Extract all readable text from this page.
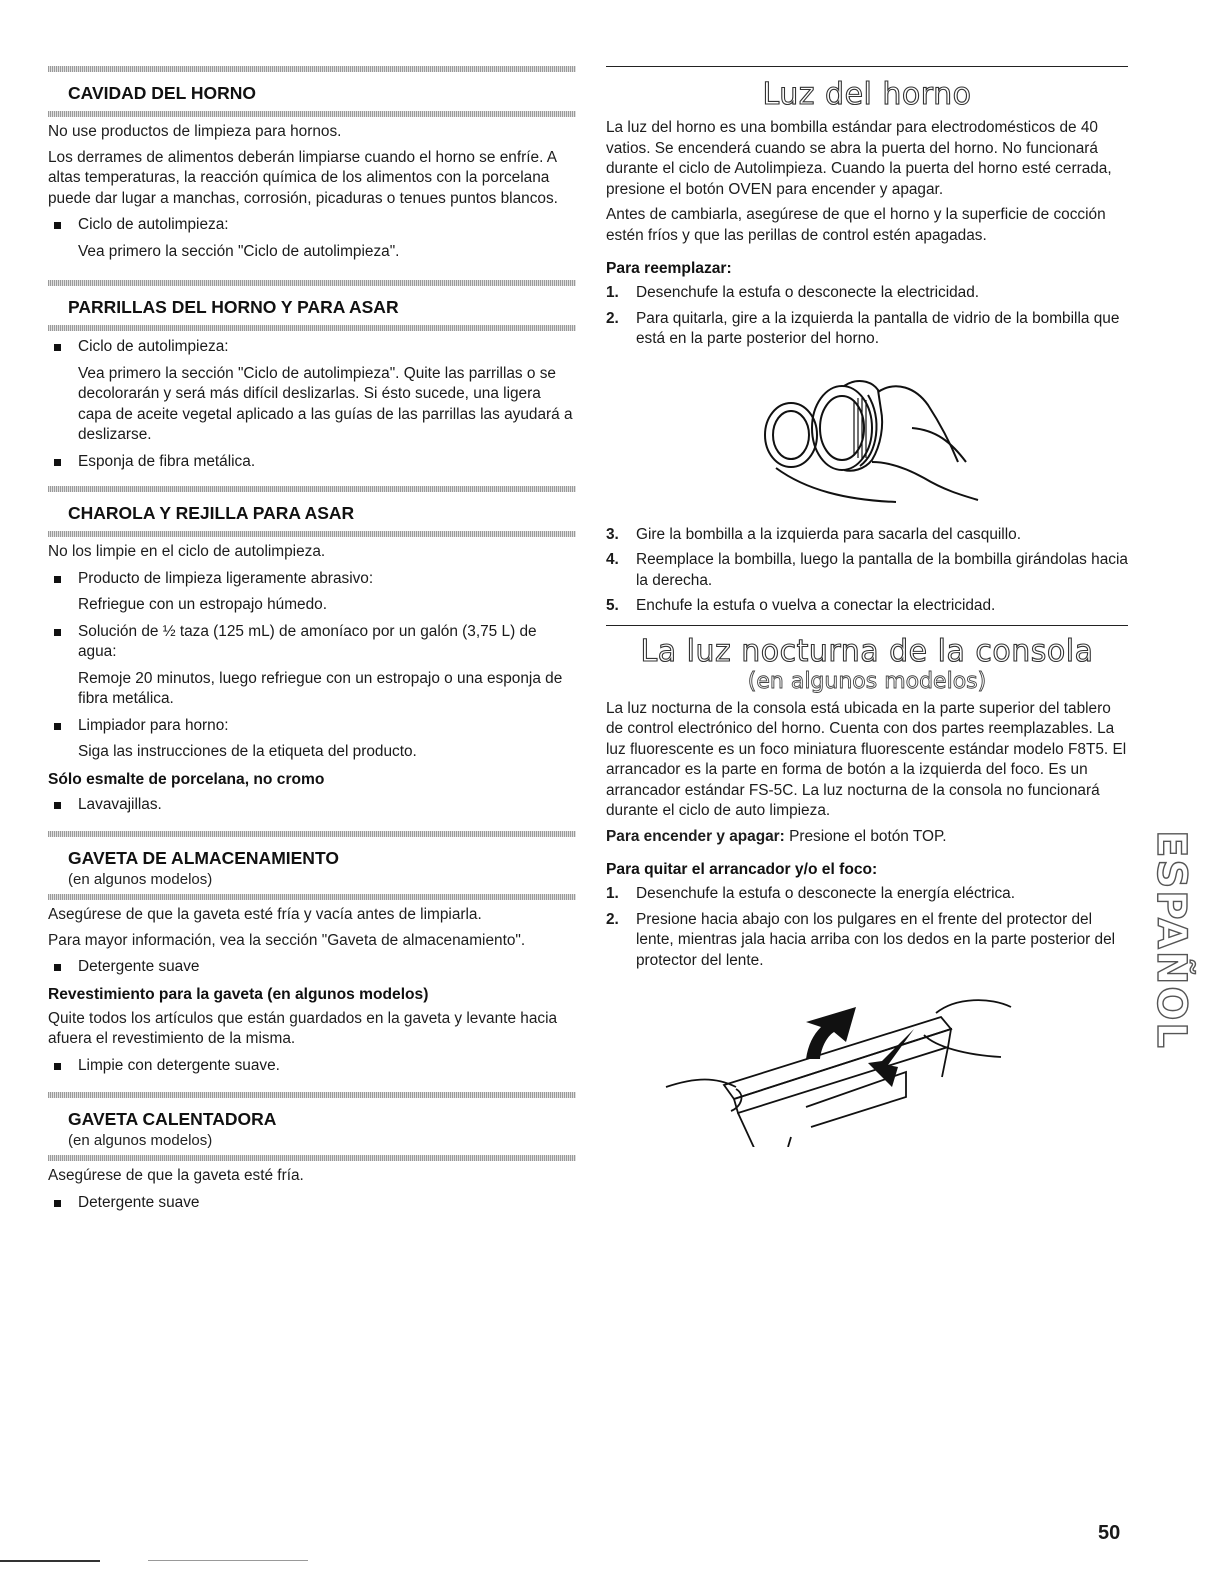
CAVIDAD DEL HORNO
No use productos de limpieza para hornos.
Los derrames de alimentos deberán limpiarse cuando el horno se enfríe. A altas temperaturas, la reacción química de los alimentos con la porcelana puede dar lugar a manchas, corrosión, picaduras o tenues puntos blancos.
Ciclo de autolimpieza:
Vea primero la sección "Ciclo de autolimpieza".
PARRILLAS DEL HORNO Y PARA ASAR
Ciclo de autolimpieza:
Vea primero la sección "Ciclo de autolimpieza". Quite las parrillas o se decolorarán y será más difícil deslizarlas. Si ésto sucede, una ligera capa de aceite vegetal aplicado a las guías de las parrillas las ayudará a deslizarse.
Esponja de fibra metálica.
CHAROLA Y REJILLA PARA ASAR
No los limpie en el ciclo de autolimpieza.
Producto de limpieza ligeramente abrasivo:
Refriegue con un estropajo húmedo.
Solución de ½ taza (125 mL) de amoníaco por un galón (3,75 L) de agua:
Remoje 20 minutos, luego refriegue con un estropajo o una esponja de fibra metálica.
Limpiador para horno:
Siga las instrucciones de la etiqueta del producto.
Sólo esmalte de porcelana, no cromo
Lavavajillas.
GAVETA DE ALMACENAMIENTO
(en algunos modelos)
Asegúrese de que la gaveta esté fría y vacía antes de limpiarla.
Para mayor información, vea la sección "Gaveta de almacenamiento".
Detergente suave
Revestimiento para la gaveta (en algunos modelos)
Quite todos los artículos que están guardados en la gaveta y levante hacia afuera el revestimiento de la misma.
Limpie con detergente suave.
GAVETA CALENTADORA
(en algunos modelos)
Asegúrese de que la gaveta esté fría.
Detergente suave
Luz del horno
La luz del horno es una bombilla estándar para electrodomésticos de 40 vatios. Se encenderá cuando se abra la puerta del horno. No funcionará durante el ciclo de Autolimpieza. Cuando la puerta del horno esté cerrada, presione el botón OVEN para encender y apagar.
Antes de cambiarla, asegúrese de que el horno y la superficie de cocción estén fríos y que las perillas de control estén apagadas.
Para reemplazar:
1. Desenchufe la estufa o desconecte la electricidad.
2. Para quitarla, gire a la izquierda la pantalla de vidrio de la bombilla que está en la parte posterior del horno.
3. Gire la bombilla a la izquierda para sacarla del casquillo.
4. Reemplace la bombilla, luego la pantalla de la bombilla girándolas hacia la derecha.
5. Enchufe la estufa o vuelva a conectar la electricidad.
La luz nocturna de la consola
(en algunos modelos)
La luz nocturna de la consola está ubicada en la parte superior del tablero de control electrónico del horno. Cuenta con dos partes reemplazables. La luz fluorescente es un foco miniatura fluorescente estándar modelo F8T5. El arrancador es la parte en forma de botón a la izquierda del foco. Es un arrancador estándar FS-5C. La luz nocturna de la consola no funcionará durante el ciclo de auto limpieza.
Para encender y apagar: Presione el botón TOP.
Para quitar el arrancador y/o el foco:
1. Desenchufe la estufa o desconecte la energía eléctrica.
2. Presione hacia abajo con los pulgares en el frente del protector del lente, mientras jala hacia arriba con los dedos en la parte posterior del protector del lente.	ESPAÑOL
50
